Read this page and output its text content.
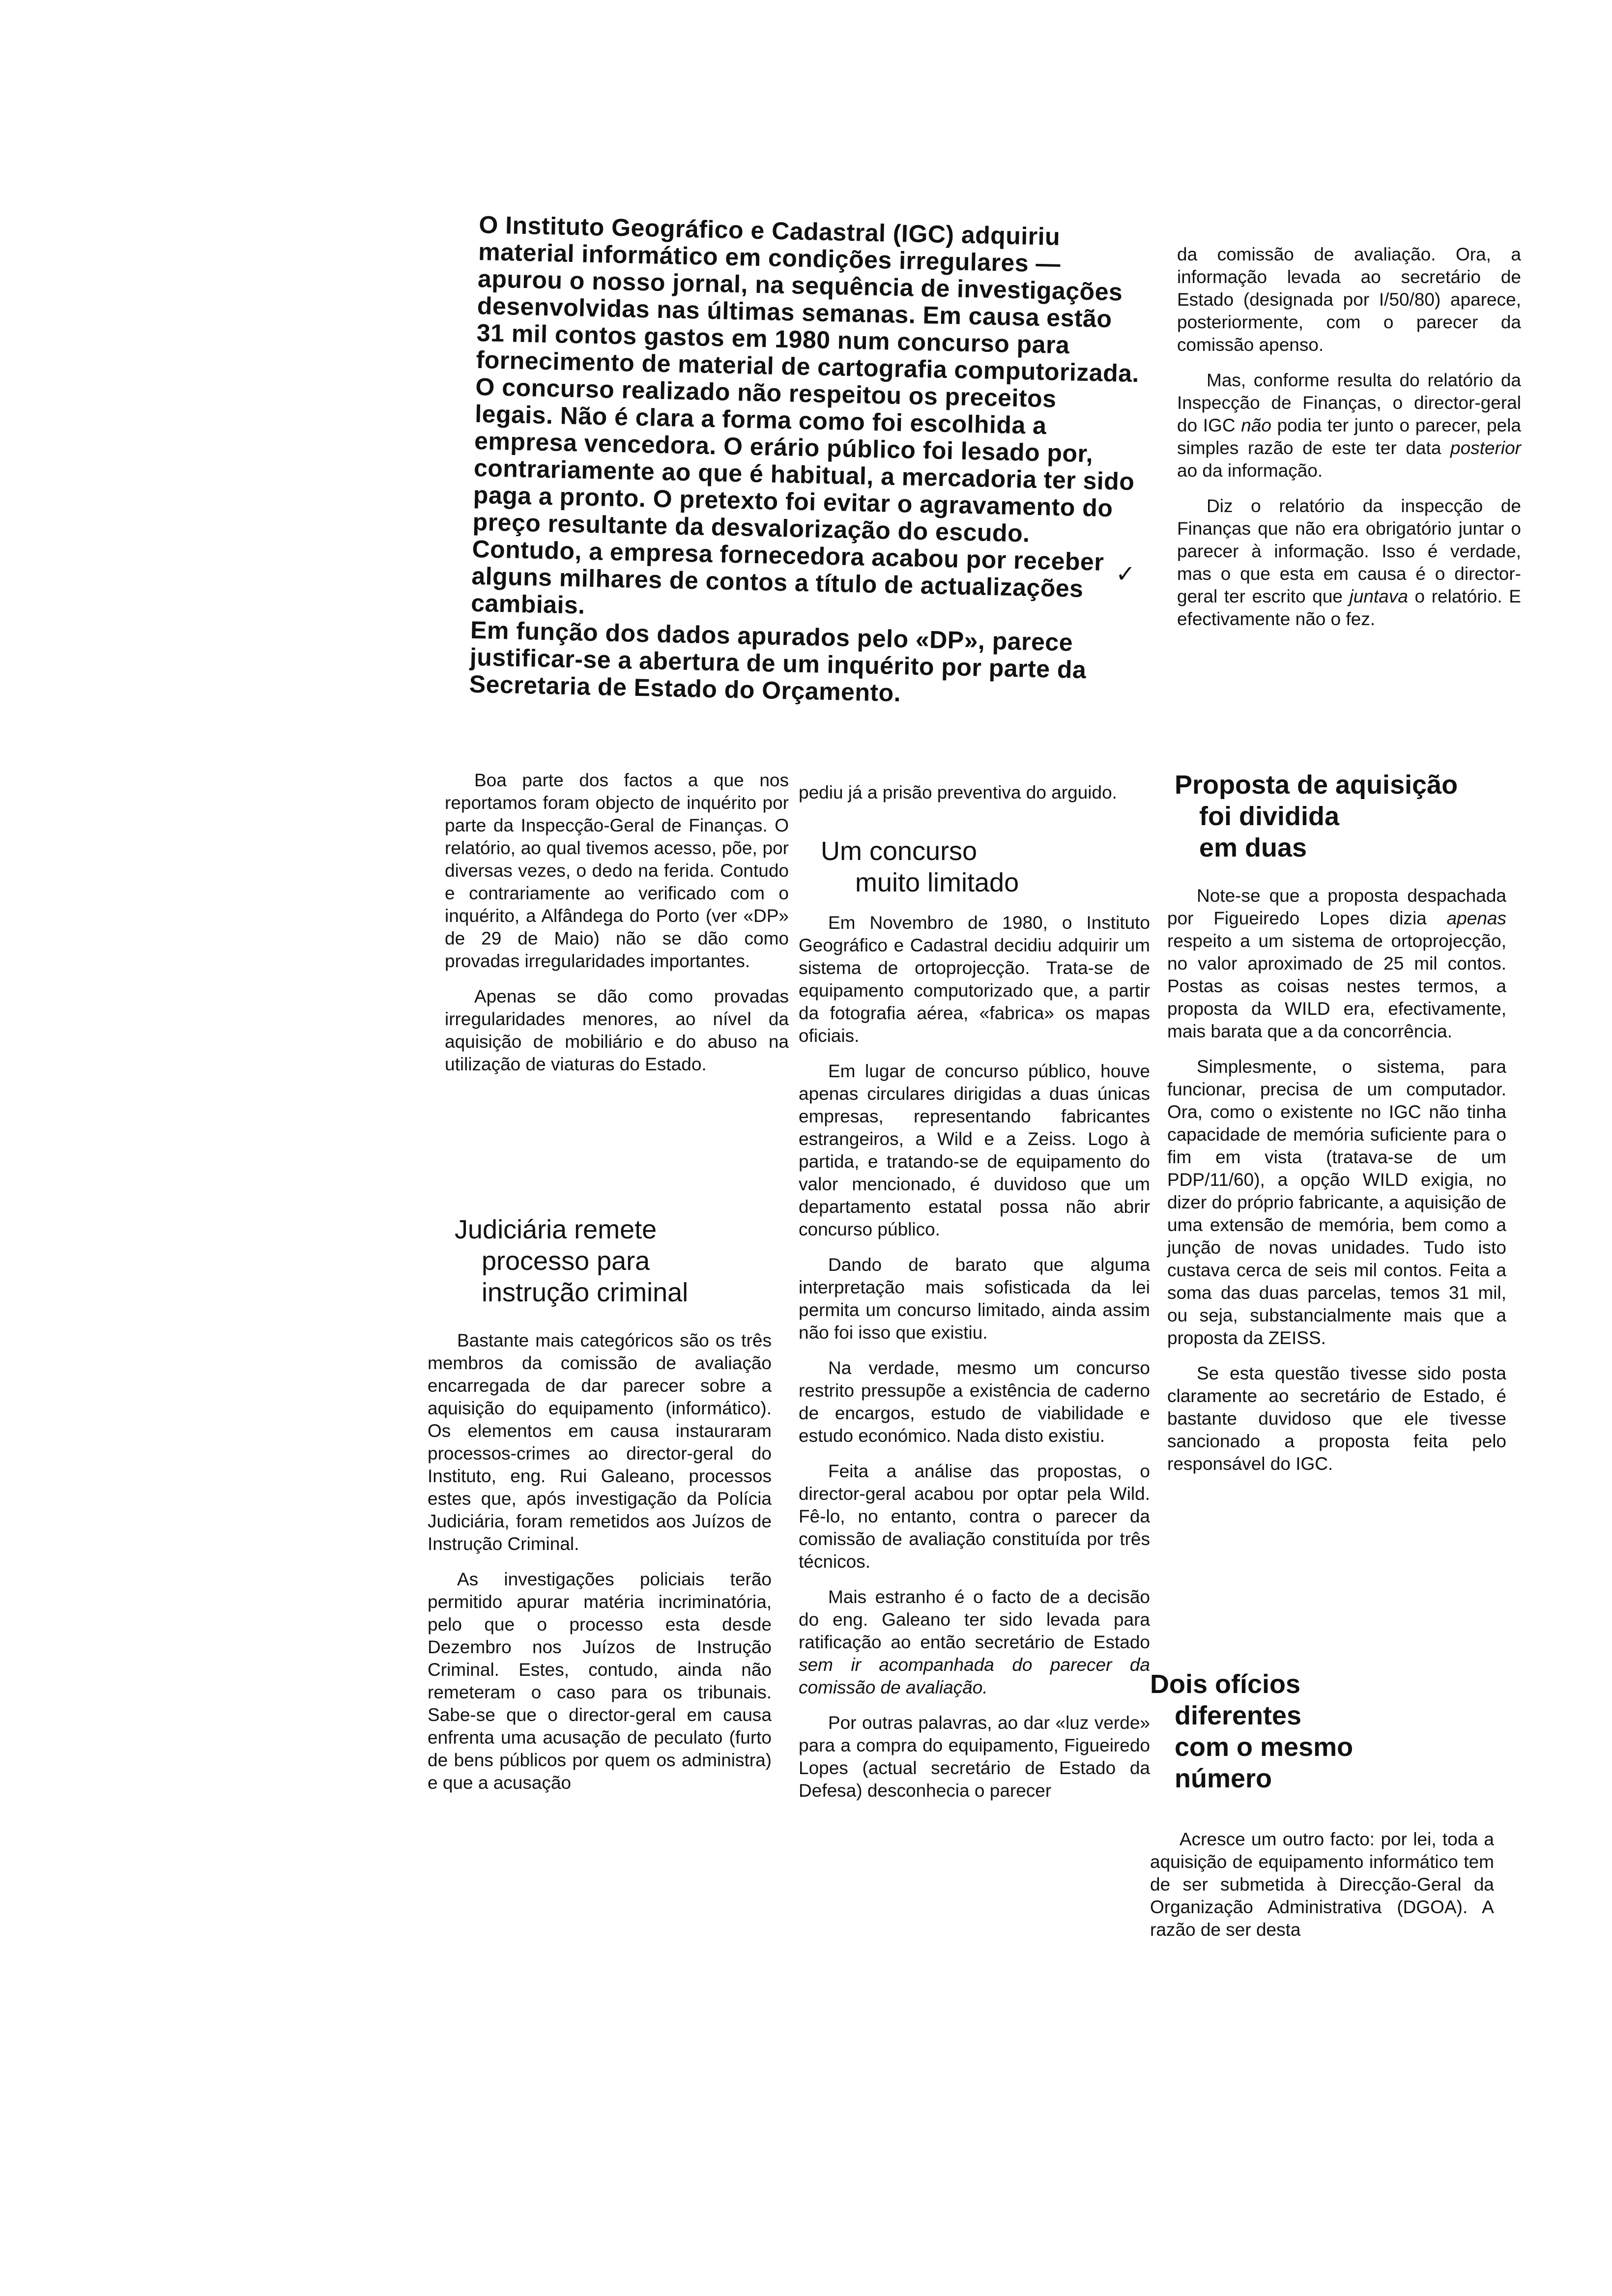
O Instituto Geográfico e Cadastral (IGC) adquiriu material informático em condições irregulares — apurou o nosso jornal, na sequência de investigações desenvolvidas nas últimas semanas. Em causa estão 31 mil contos gastos em 1980 num concurso para fornecimento de material de cartografia computorizada. O concurso realizado não respeitou os preceitos legais. Não é clara a forma como foi escolhida a empresa vencedora. O erário público foi lesado por, contrariamente ao que é habitual, a mercadoria ter sido paga a pronto. O pretexto foi evitar o agravamento do preço resultante da desvalorização do escudo. Contudo, a empresa fornecedora acabou por receber alguns milhares de contos a título de actualizações cambiais.

Em função dos dados apurados pelo «DP», parece justificar-se a abertura de um inquérito por parte da Secretaria de Estado do Orçamento.

✓

da comissão de avaliação. Ora, a informação levada ao secretário de Estado (designada por I/50/80) aparece, posteriormente, com o parecer da comissão apenso.

Mas, conforme resulta do relatório da Inspecção de Finanças, o director-geral do IGC não podia ter junto o parecer, pela simples razão de este ter data posterior ao da informação.

Diz o relatório da inspecção de Finanças que não era obrigatório juntar o parecer à informação. Isso é verdade, mas o que esta em causa é o director-geral ter escrito que juntava o relatório. E efectivamente não o fez.

Boa parte dos factos a que nos reportamos foram objecto de inquérito por parte da Inspecção-Geral de Finanças. O relatório, ao qual tivemos acesso, põe, por diversas vezes, o dedo na ferida. Contudo e contrariamente ao verificado com o inquérito, a Alfândega do Porto (ver «DP» de 29 de Maio) não se dão como provadas irregularidades importantes.

Apenas se dão como provadas irregularidades menores, ao nível da aquisição de mobiliário e do abuso na utilização de viaturas do Estado.

Judiciária remete
processo para
instrução criminal

Bastante mais categóricos são os três membros da comissão de avaliação encarregada de dar parecer sobre a aquisição do equipamento (informático). Os elementos em causa instauraram processos-crimes ao director-geral do Instituto, eng. Rui Galeano, processos estes que, após investigação da Polícia Judiciária, foram remetidos aos Juízos de Instrução Criminal.

As investigações policiais terão permitido apurar matéria incriminatória, pelo que o processo esta desde Dezembro nos Juízos de Instrução Criminal. Estes, contudo, ainda não remeteram o caso para os tribunais. Sabe-se que o director-geral em causa enfrenta uma acusação de peculato (furto de bens públicos por quem os administra) e que a acusação

pediu já a prisão preventiva do arguido.

Um concurso
muito limitado

Em Novembro de 1980, o Instituto Geográfico e Cadastral decidiu adquirir um sistema de ortoprojecção. Trata-se de equipamento computorizado que, a partir da fotografia aérea, «fabrica» os mapas oficiais.

Em lugar de concurso público, houve apenas circulares dirigidas a duas únicas empresas, representando fabricantes estrangeiros, a Wild e a Zeiss. Logo à partida, e tratando-se de equipamento do valor mencionado, é duvidoso que um departamento estatal possa não abrir concurso público.

Dando de barato que alguma interpretação mais sofisticada da lei permita um concurso limitado, ainda assim não foi isso que existiu.

Na verdade, mesmo um concurso restrito pressupõe a existência de caderno de encargos, estudo de viabilidade e estudo económico. Nada disto existiu.

Feita a análise das propostas, o director-geral acabou por optar pela Wild. Fê-lo, no entanto, contra o parecer da comissão de avaliação constituída por três técnicos.

Mais estranho é o facto de a decisão do eng. Galeano ter sido levada para ratificação ao então secretário de Estado sem ir acompanhada do parecer da comissão de avaliação.

Por outras palavras, ao dar «luz verde» para a compra do equipamento, Figueiredo Lopes (actual secretário de Estado da Defesa) desconhecia o parecer

Proposta de aquisição
foi dividida
em duas

Note-se que a proposta despachada por Figueiredo Lopes dizia apenas respeito a um sistema de ortoprojecção, no valor aproximado de 25 mil contos. Postas as coisas nestes termos, a proposta da WILD era, efectivamente, mais barata que a da concorrência.

Simplesmente, o sistema, para funcionar, precisa de um computador. Ora, como o existente no IGC não tinha capacidade de memória suficiente para o fim em vista (tratava-se de um PDP/11/60), a opção WILD exigia, no dizer do próprio fabricante, a aquisição de uma extensão de memória, bem como a junção de novas unidades. Tudo isto custava cerca de seis mil contos. Feita a soma das duas parcelas, temos 31 mil, ou seja, substancialmente mais que a proposta da ZEISS.

Se esta questão tivesse sido posta claramente ao secretário de Estado, é bastante duvidoso que ele tivesse sancionado a proposta feita pelo responsável do IGC.

Dois ofícios
diferentes
com o mesmo
número

Acresce um outro facto: por lei, toda a aquisição de equipamento informático tem de ser submetida à Direcção-Geral da Organização Administrativa (DGOA). A razão de ser desta
